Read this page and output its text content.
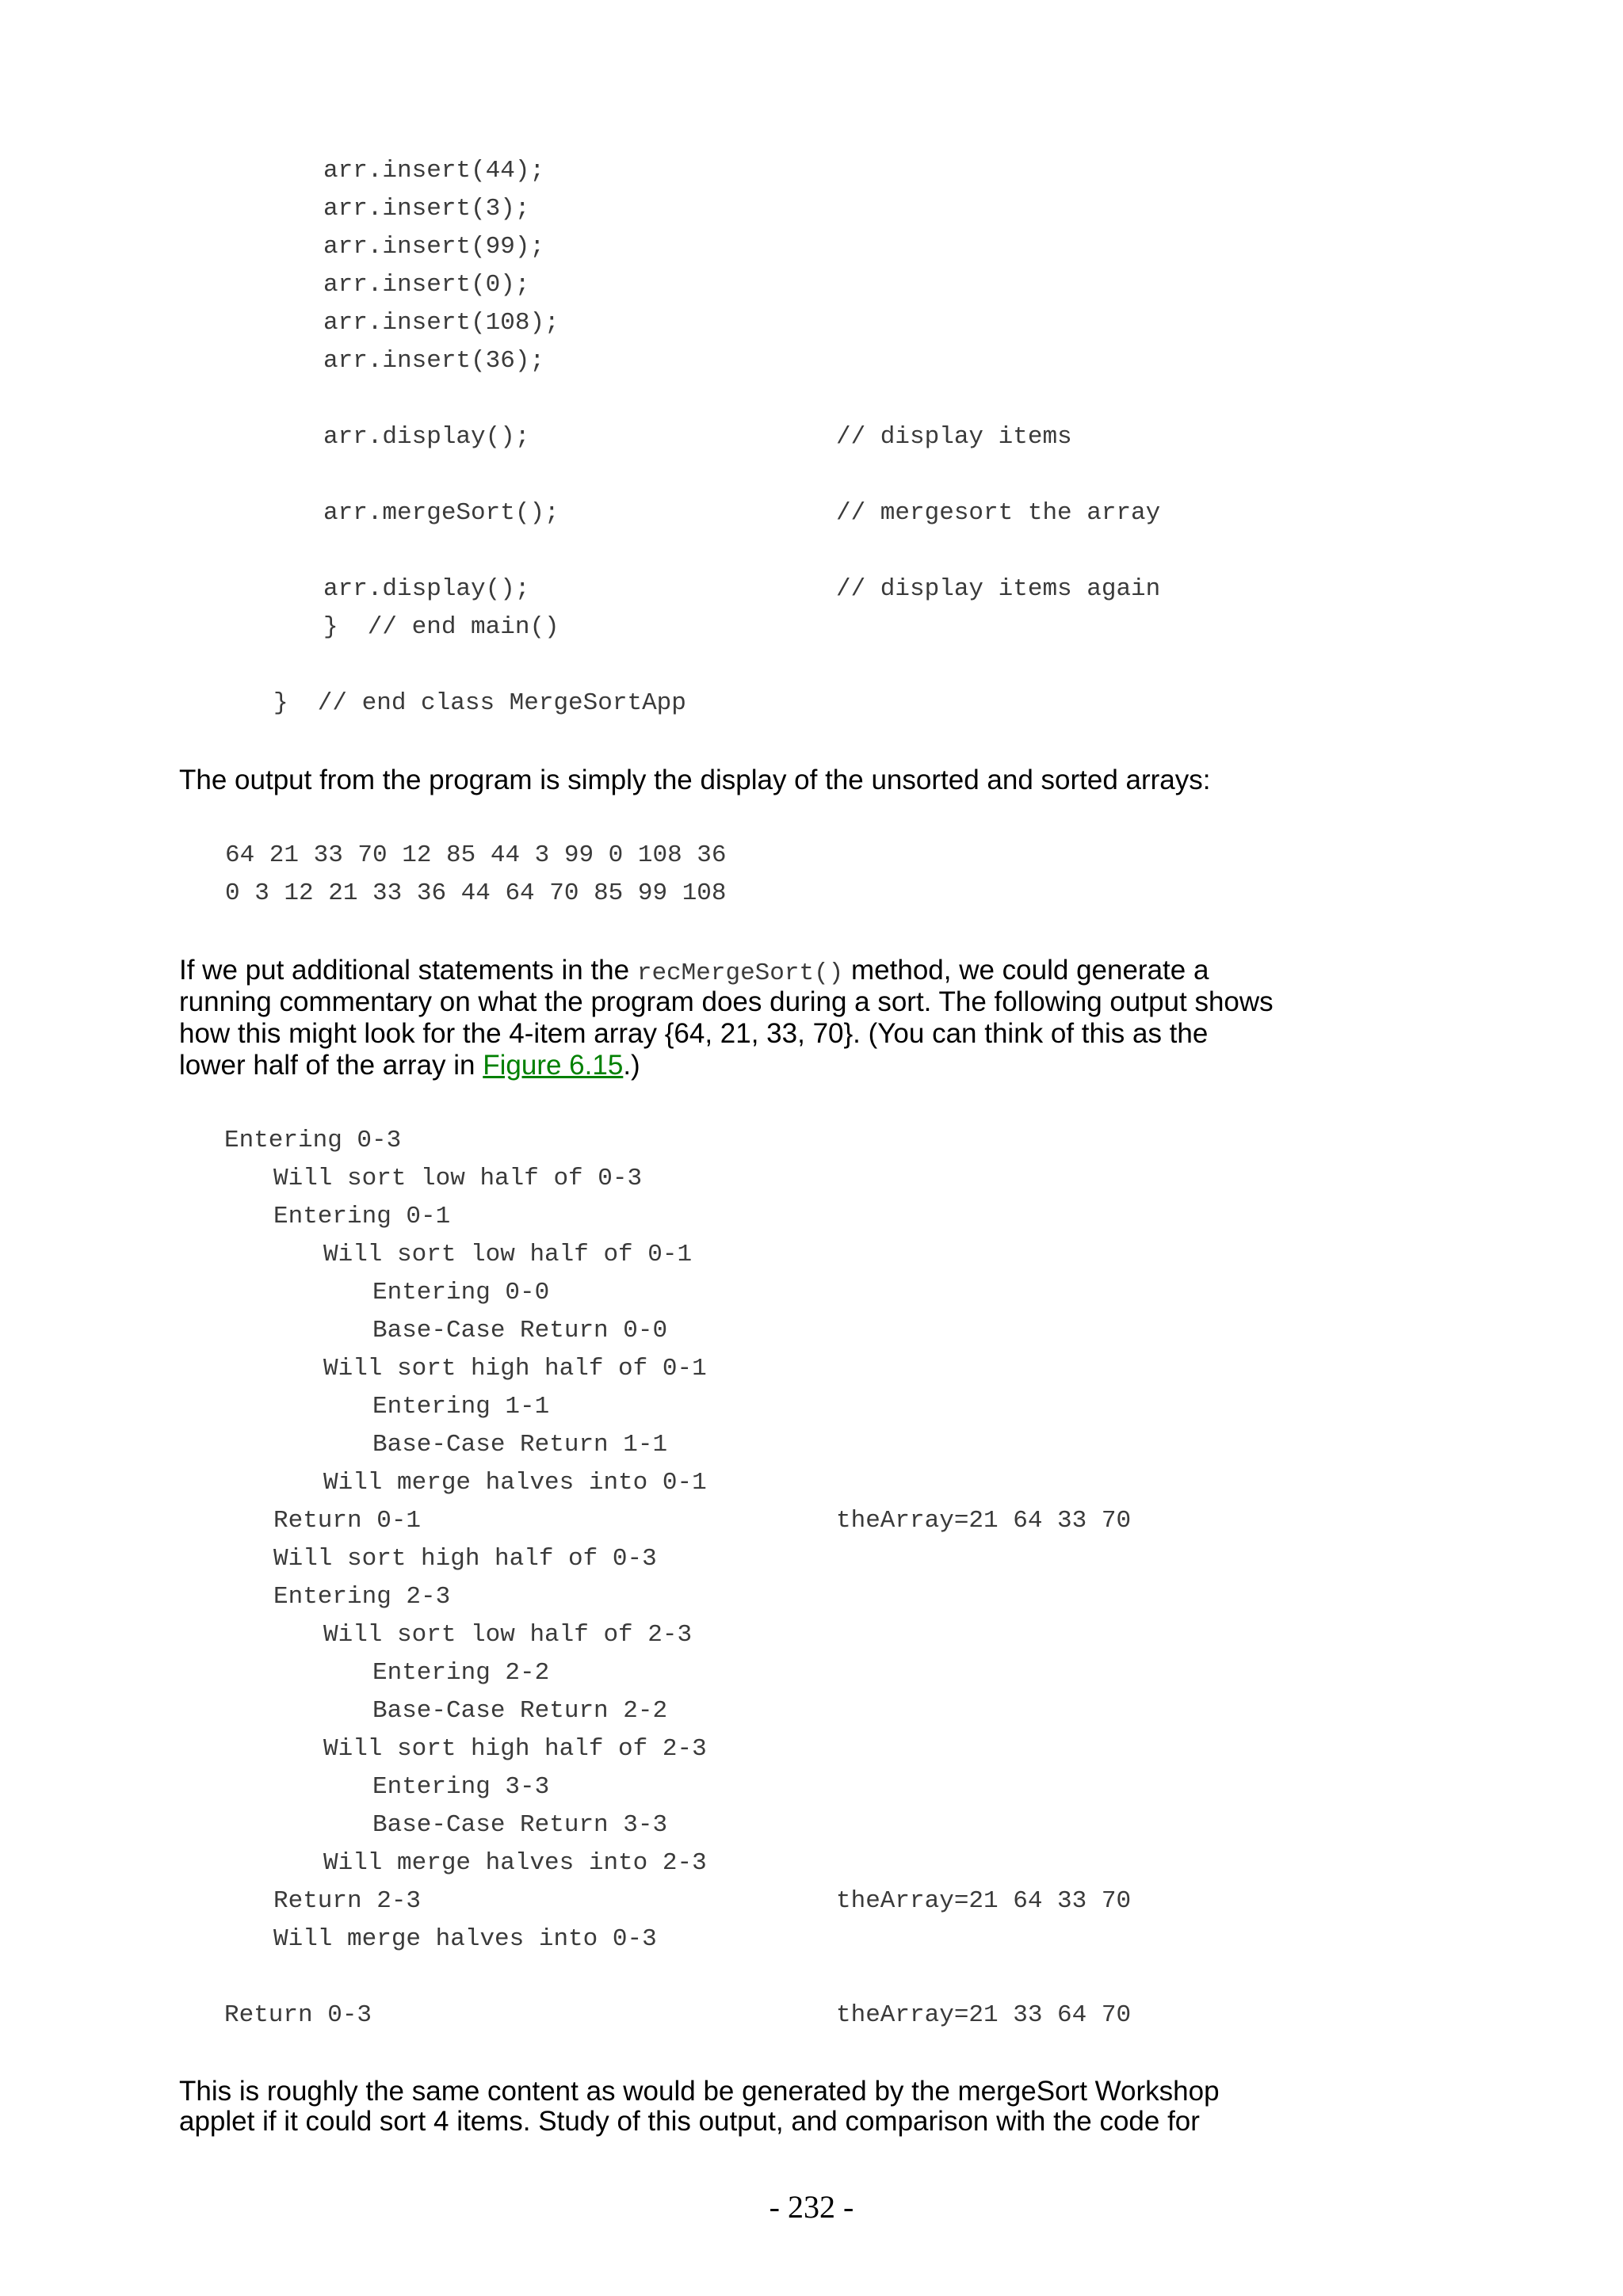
arr.insert(44);
arr.insert(3);
arr.insert(99);
arr.insert(0);
arr.insert(108);
arr.insert(36);
arr.display();	// display items
arr.mergeSort();	// mergesort the array
arr.display();	// display items again
}  // end main()
}  // end class MergeSortApp
The output from the program is simply the display of the unsorted and sorted arrays:
64 21 33 70 12 85 44 3 99 0 108 36
0 3 12 21 33 36 44 64 70 85 99 108
If we put additional statements in the recMergeSort() method, we could generate a
running commentary on what the program does during a sort. The following output shows
how this might look for the 4-item array {64, 21, 33, 70}. (You can think of this as the
lower half of the array in Figure 6.15.)
Entering 0-3
Will sort low half of 0-3
Entering 0-1
Will sort low half of 0-1
Entering 0-0
Base-Case Return 0-0
Will sort high half of 0-1
Entering 1-1
Base-Case Return 1-1
Will merge halves into 0-1
Return 0-1	theArray=21 64 33 70
Will sort high half of 0-3
Entering 2-3
Will sort low half of 2-3
Entering 2-2
Base-Case Return 2-2
Will sort high half of 2-3
Entering 3-3
Base-Case Return 3-3
Will merge halves into 2-3
Return 2-3	theArray=21 64 33 70
Will merge halves into 0-3
Return 0-3	theArray=21 33 64 70
This is roughly the same content as would be generated by the mergeSort Workshop
applet if it could sort 4 items. Study of this output, and comparison with the code for
- 232 -
